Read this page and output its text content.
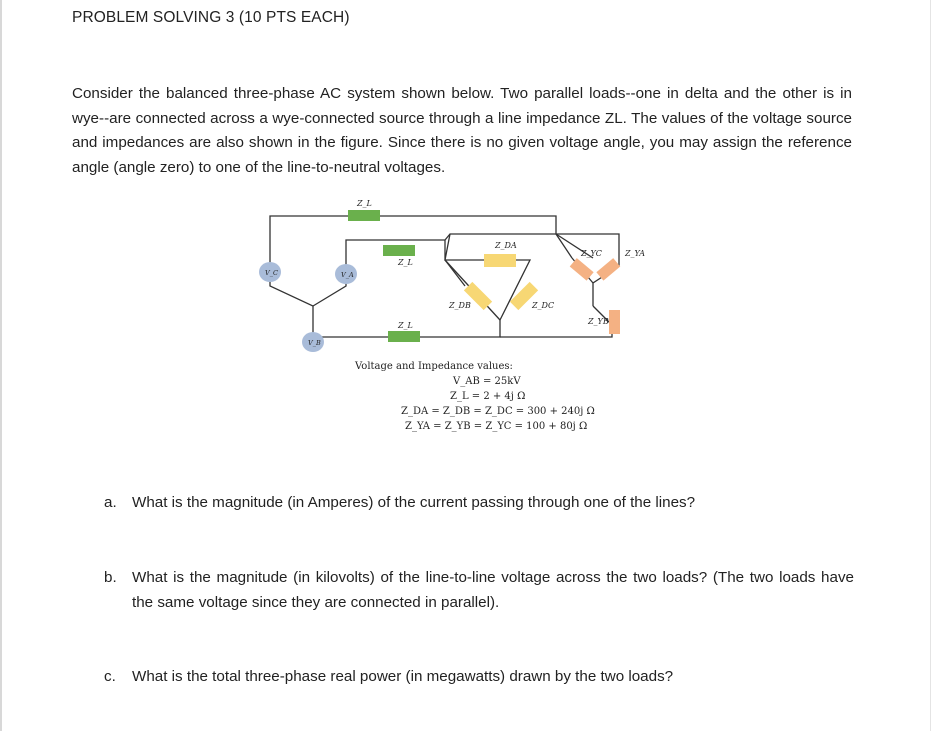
PROBLEM SOLVING 3 (10 PTS EACH)
Consider the balanced three-phase AC system shown below. Two parallel loads--one in delta and the other is in wye--are connected across a wye-connected source through a line impedance ZL. The values of the voltage source and impedances are also shown in the figure. Since there is no given voltage angle, you may assign the reference angle (angle zero) to one of the line-to-neutral voltages.
Z_L
Z_L
Z_L
Z_DA
Z_DB	Z_DC
Z_YC	Z_YA
Z_YB
V_C	V_A
V_B
Voltage and Impedance values:
V_AB = 25kV
Z_L = 2 + 4j Ω
Z_DA = Z_DB = Z_DC = 300 + 240j Ω
Z_YA = Z_YB = Z_YC = 100 + 80j Ω
a. What is the magnitude (in Amperes) of the current passing through one of the lines?
b. What is the magnitude (in kilovolts) of the line-to-line voltage across the two loads? (The two loads have the same voltage since they are connected in parallel).
c. What is the total three-phase real power (in megawatts) drawn by the two loads?
